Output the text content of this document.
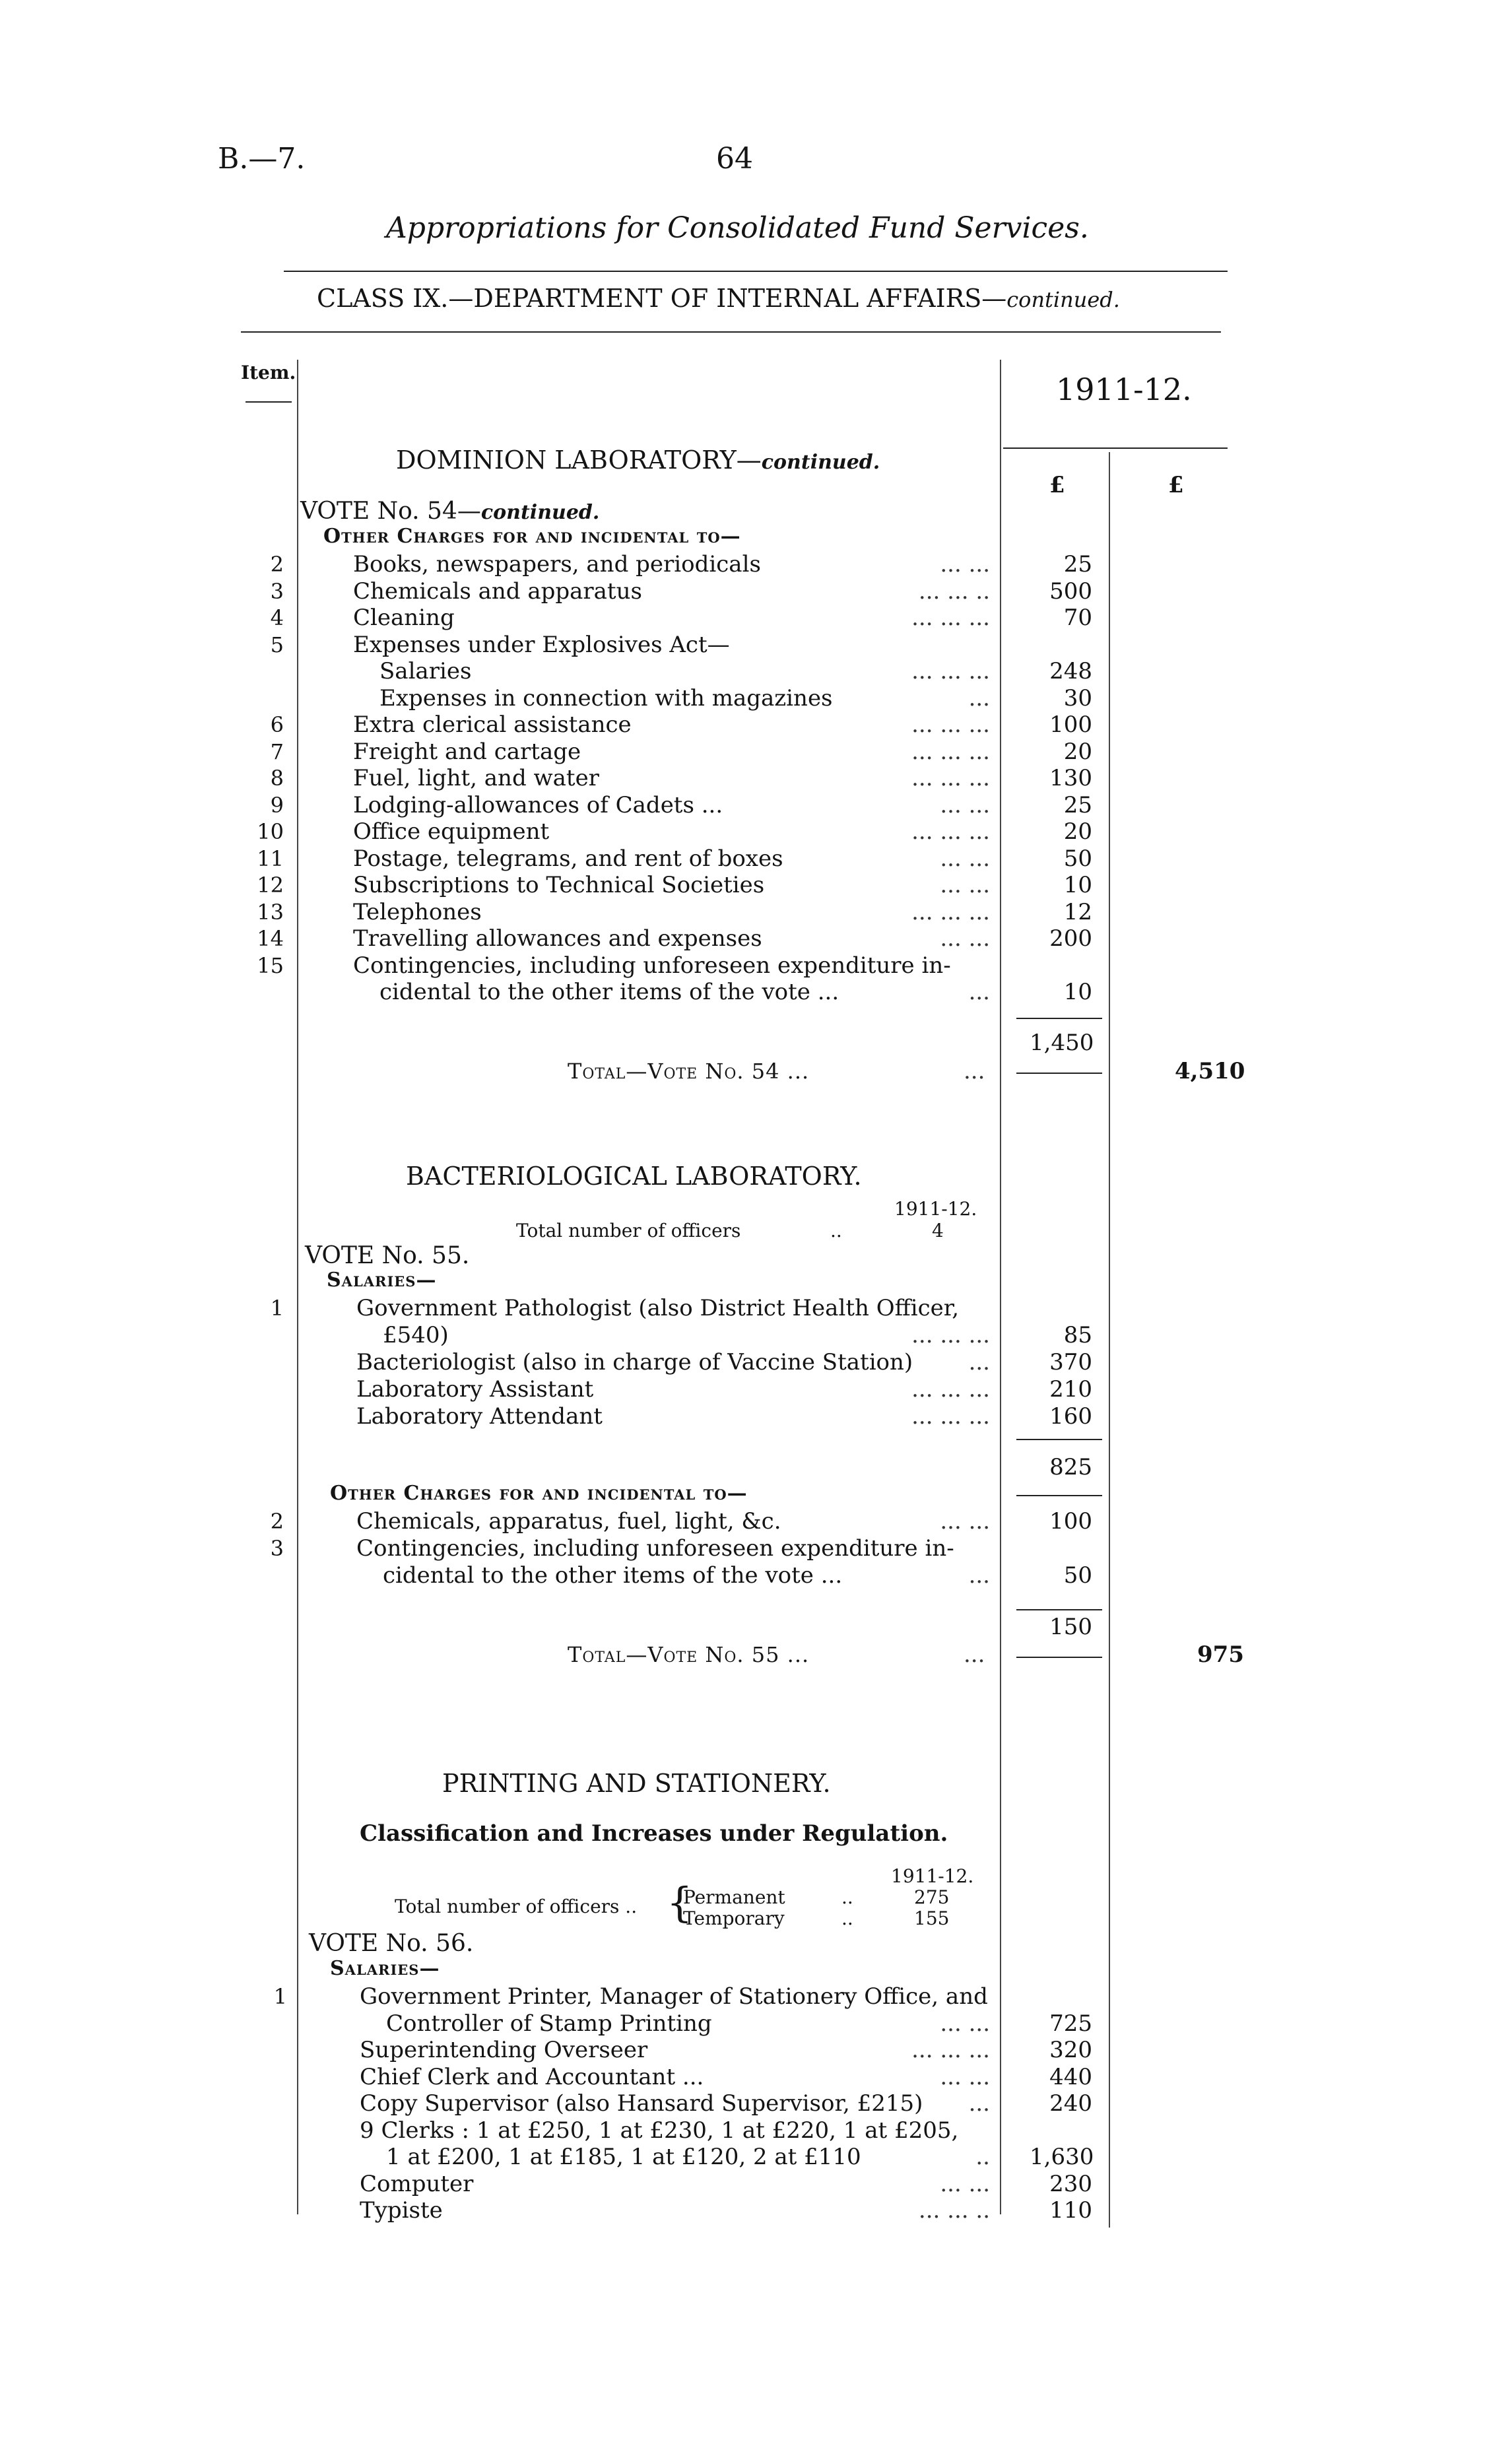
B.—7.	64
Appropriations for Consolidated Fund Services.
CLASS IX.—DEPARTMENT OF INTERNAL AFFAIRS—continued.
Item.	1911-12.
£	£
DOMINION LABORATORY—continued.
VOTE No. 54—continued.
Other Charges for and incidental to—
2	Books, newspapers, and periodicals	... ...	25
3	Chemicals and apparatus	... ... ..	500
4	Cleaning	... ... ...	70
5	Expenses under Explosives Act—
Salaries	... ... ...	248
Expenses in connection with magazines	...	30
6	Extra clerical assistance	... ... ...	100
7	Freight and cartage	... ... ...	20
8	Fuel, light, and water	... ... ...	130
9	Lodging-allowances of Cadets ...	... ...	25
10	Office equipment	... ... ...	20
11	Postage, telegrams, and rent of boxes	... ...	50
12	Subscriptions to Technical Societies	... ...	10
13	Telephones	... ... ...	12
14	Travelling allowances and expenses	... ...	200
15	Contingencies, including unforeseen expenditure in-
cidental to the other items of the vote ...	...	10
1,450
Total—Vote No. 54 ...	...	4,510
BACTERIOLOGICAL LABORATORY.
1911-12.
Total number of officers	..	4
VOTE No. 55.
Salaries—
1	Government Pathologist (also District Health Officer,
£540)	... ... ...	85
Bacteriologist (also in charge of Vaccine Station) ...	370
Laboratory Assistant	... ... ...	210
Laboratory Attendant	... ... ...	160
825
Other Charges for and incidental to—
2	Chemicals, apparatus, fuel, light, &c.	... ...	100
3	Contingencies, including unforeseen expenditure in-
cidental to the other items of the vote ...	...	50
150
Total—Vote No. 55 ...	...	975
PRINTING AND STATIONERY.
Classification and Increases under Regulation.
1911-12.
Total number of officers .. {
Permanent	..	275
Temporary	..	155
VOTE No. 56.
Salaries—
1	Government Printer, Manager of Stationery Office, and
Controller of Stamp Printing	... ...	725
Superintending Overseer	... ... ...	320
Chief Clerk and Accountant ...	... ...	440
Copy Supervisor (also Hansard Supervisor, £215) ...	240
9 Clerks : 1 at £250, 1 at £230, 1 at £220, 1 at £205,
1 at £200, 1 at £185, 1 at £120, 2 at £110	.. 1,630
Computer	... ...	230
Typiste	... ... ..	110
